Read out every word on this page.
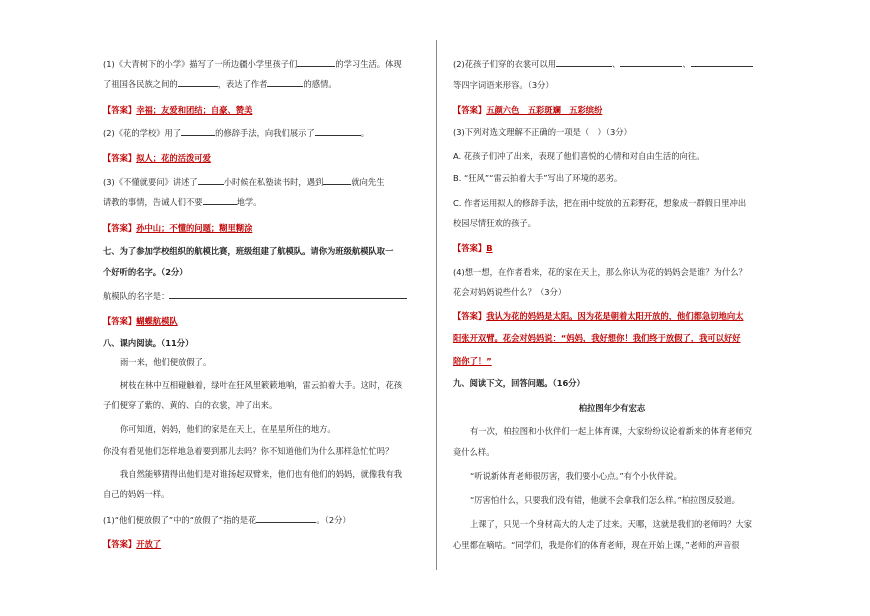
(1)《大青树下的小学》描写了一所边疆小学里孩子们	的学习生活。体现
了祖国各民族之间的	，表达了作者	的感情。
【答案】幸福；友爱和团结；自豪、赞美
(2)《花的学校》用了	的修辞手法，向我们展示了	。
【答案】拟人；花的活泼可爱
(3)《不懂就要问》讲述了	小时候在私塾读书时，遇到	就向先生
请教的事情，告诫人们不要	地学。
【答案】孙中山；不懂的问题；糊里糊涂
七、为了参加学校组织的航模比赛，班级组建了航模队。请你为班级航模队取一
个好听的名字。（2分）
航模队的名字是：
【答案】蝴蝶航模队
八、课内阅读。（11分）
雨一来，他们便放假了。
树枝在林中互相碰触着，绿叶在狂风里簌簌地响，雷云拍着大手。这时，花孩
子们便穿了紫的、黄的、白的衣裳，冲了出来。
你可知道，妈妈，他们的家是在天上，在星星所住的地方。
你没有看见他们怎样地急着要到那儿去吗？你不知道他们为什么那样急忙忙吗？
我自然能够猜得出他们是对谁扬起双臂来，他们也有他们的妈妈，就像我有我
自己的妈妈一样。
(1)“他们便放假了”中的“放假了”指的是花	。（2分）
【答案】开放了
(2)花孩子们穿的衣裳可以用	、	、
等四字词语来形容。（3分）
【答案】五颜六色　五彩斑斓　五彩缤纷
(3)下列对选文理解不正确的一项是（　）（3分）
A. 花孩子们冲了出来，表现了他们喜悦的心情和对自由生活的向往。
B. “狂风”“雷云拍着大手”写出了环境的恶劣。
C. 作者运用拟人的修辞手法，把在雨中绽放的五彩野花，想象成一群假日里冲出
校园尽情狂欢的孩子。
【答案】B
(4)想一想，在作者看来，花的家在天上，那么你认为花的妈妈会是谁？为什么？
花会对妈妈说些什么？（3分）
【答案】我认为花的妈妈是太阳。因为花是朝着太阳开放的，他们都急切地向太
阳张开双臂。花会对妈妈说：“妈妈，我好想你！我们终于放假了，我可以好好
陪你了！”
九、阅读下文，回答问题。（16分）
柏拉图年少有宏志
有一次，柏拉图和小伙伴们一起上体育课，大家纷纷议论着新来的体育老师究
竟什么样。
“听说新体育老师很厉害，我们要小心点。”有个小伙伴说。
“厉害怕什么，只要我们没有错，他就不会拿我们怎么样。”柏拉图反驳道。
上课了，只见一个身材高大的人走了过来。天哪，这就是我们的老师吗？大家
心里都在嘀咕。“同学们，我是你们的体育老师，现在开始上课，”老师的声音很
